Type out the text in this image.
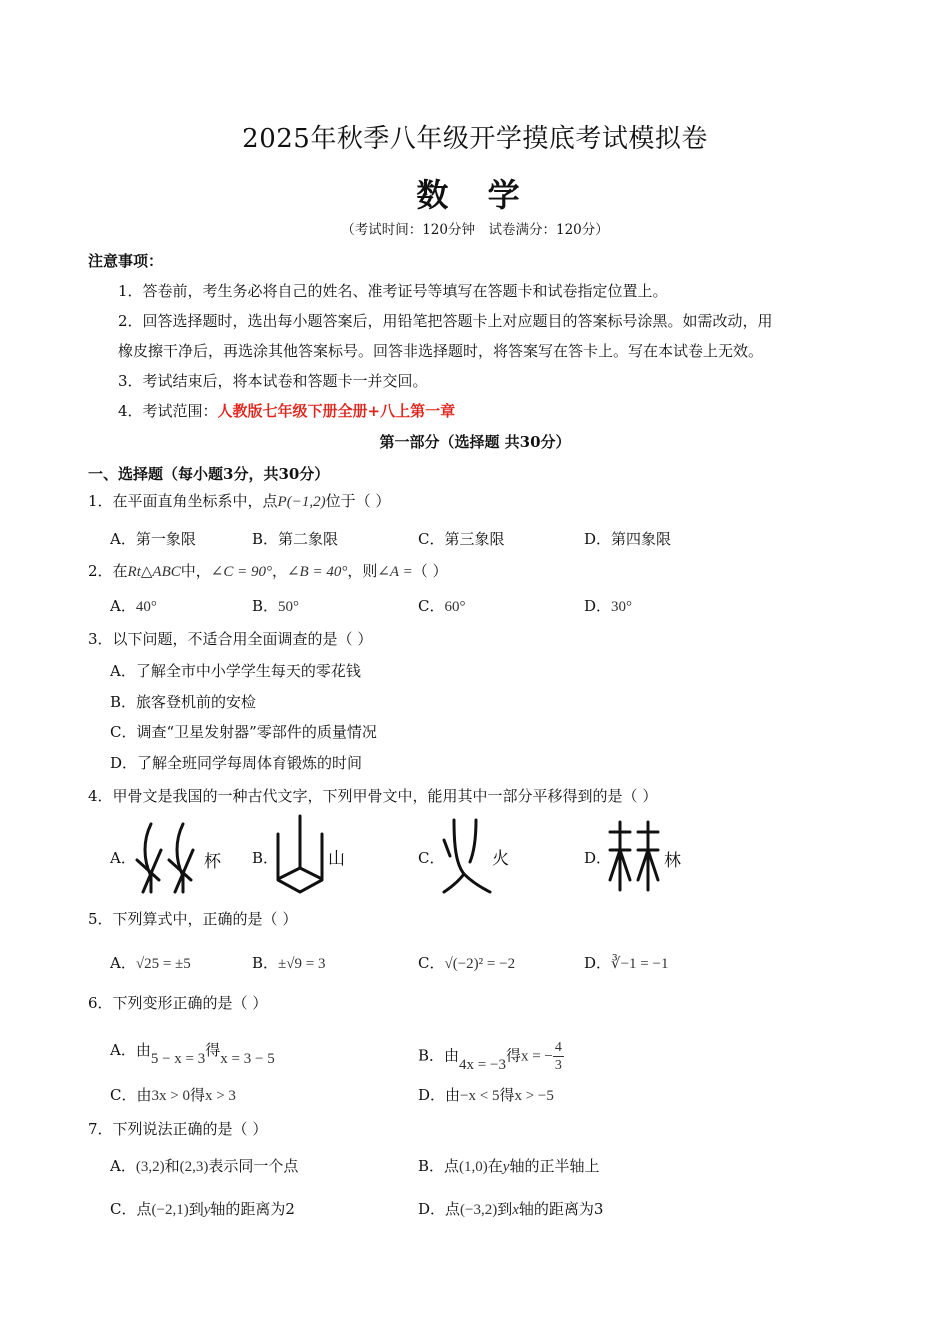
2025年秋季八年级开学摸底考试模拟卷
数 学
（考试时间：120分钟　试卷满分：120分）
注意事项：
1．答卷前，考生务必将自己的姓名、准考证号等填写在答题卡和试卷指定位置上。
2．回答选择题时，选出每小题答案后，用铅笔把答题卡上对应题目的答案标号涂黑。如需改动，用
橡皮擦干净后，再选涂其他答案标号。回答非选择题时，将答案写在答卡上。写在本试卷上无效。
3．考试结束后，将本试卷和答题卡一并交回。
4．考试范围：人教版七年级下册全册+八上第一章
第一部分（选择题 共30分）
一、选择题（每小题3分，共30分）
1．在平面直角坐标系中，点P(−1,2)位于（ ）
A．第一象限	B．第二象限	C．第三象限	D．第四象限
2．在Rt△ABC中，∠C = 90°，∠B = 40°，则∠A =（ ）
A．40°	B．50°	C．60°	D．30°
3．以下问题，不适合用全面调查的是（ ）
A．了解全市中小学学生每天的零花钱
B．旅客登机前的安检
C．调查“卫星发射器”零部件的质量情况
D．了解全班同学每周体育锻炼的时间
4．甲骨文是我国的一种古代文字，下列甲骨文中，能用其中一部分平移得到的是（ ）
A．	杯 B．	山	C．	火	D．	林
5．下列算式中，正确的是（ ）
A．√25 = ±5	B．±√9 = 3	C．√(−2)² = −2	D．∛−1 = −1
6．下列变形正确的是（ ）
A．由5 − x = 3得x = 3 − 5	B．由4x = −3得x = − $\frac{4}{3}$
C．由3x > 0得x > 3	D．由−x < 5得x > −5
7．下列说法正确的是（ ）
A．(3,2)和(2,3)表示同一个点	B．点(1,0)在y轴的正半轴上
C．点(−2,1)到y轴的距离为2	D．点(−3,2)到x轴的距离为3
